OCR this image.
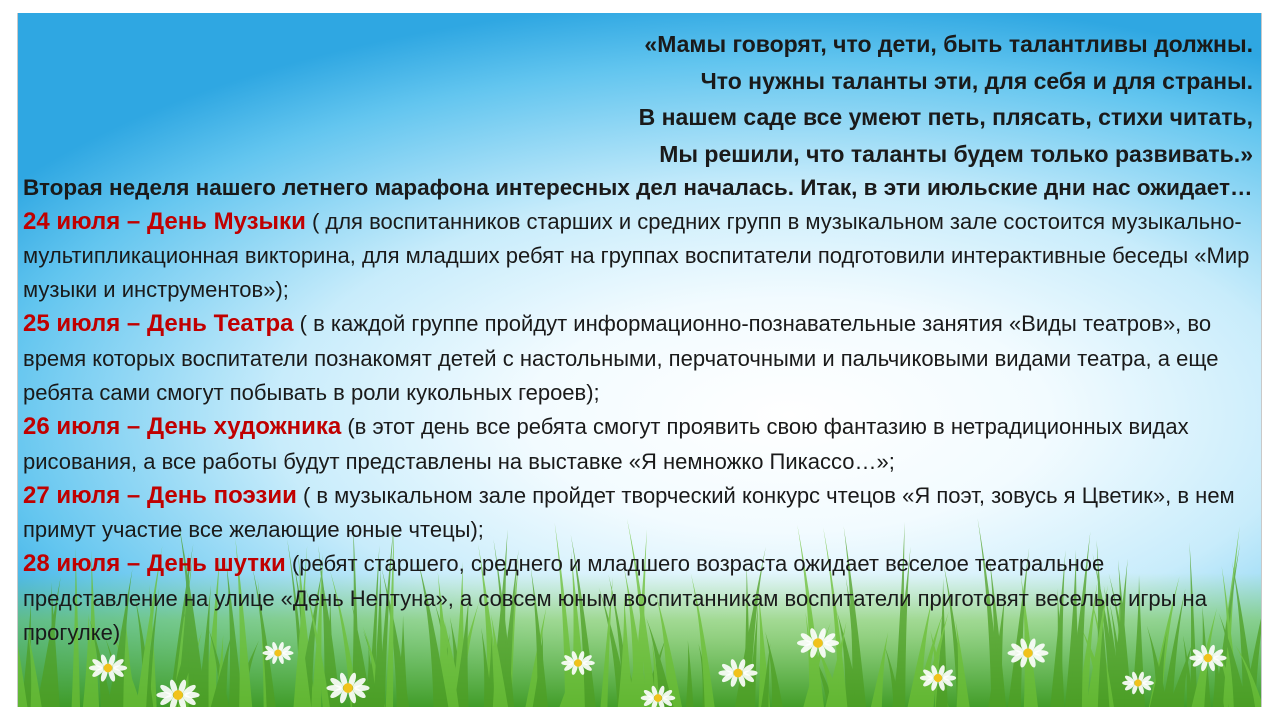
«Мамы говорят, что дети, быть талантливы должны.
Что нужны таланты эти, для себя и для страны.
В нашем саде все умеют петь, плясать, стихи читать,
Мы решили, что таланты будем только развивать.»

Вторая неделя нашего летнего марафона интересных дел началась. Итак, в эти июльские дни нас ожидает…

24 июля – День Музыки ( для воспитанников старших и средних групп в музыкальном зале состоится музыкально-мультипликационная викторина, для младших ребят на группах воспитатели подготовили интерактивные беседы «Мир музыки и инструментов»);

25 июля – День Театра ( в каждой группе пройдут информационно-познавательные занятия «Виды театров», во время которых воспитатели познакомят детей с настольными, перчаточными и пальчиковыми видами театра, а еще ребята сами смогут побывать в роли кукольных героев);

26 июля – День художника (в этот день все ребята смогут проявить свою фантазию в нетрадиционных видах рисования, а все работы будут представлены на выставке «Я немножко Пикассо…»;

27 июля – День поэзии ( в музыкальном зале пройдет творческий конкурс чтецов «Я поэт, зовусь я Цветик», в нем примут участие все желающие юные чтецы);

28 июля – День шутки (ребят старшего, среднего и младшего возраста ожидает веселое театральное представление на улице «День Нептуна», а совсем юным воспитанникам воспитатели приготовят веселые игры на прогулке)
